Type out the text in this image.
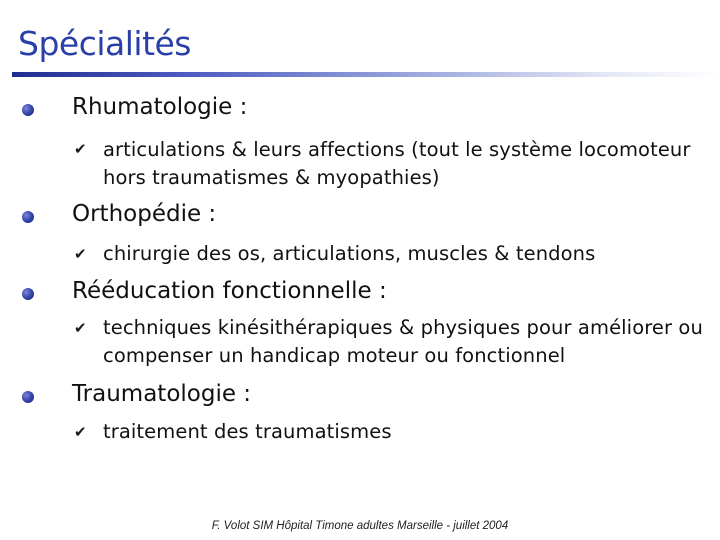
Spécialités
Rhumatologie :
✔ articulations & leurs affections (tout le système locomoteur hors traumatismes & myopathies)
Orthopédie :
✔ chirurgie des os, articulations, muscles & tendons
Rééducation fonctionnelle :
✔ techniques kinésithérapiques & physiques pour améliorer ou compenser un handicap moteur ou fonctionnel
Traumatologie :
✔ traitement des traumatismes
F. Volot SIM Hôpital Timone adultes Marseille - juillet 2004
